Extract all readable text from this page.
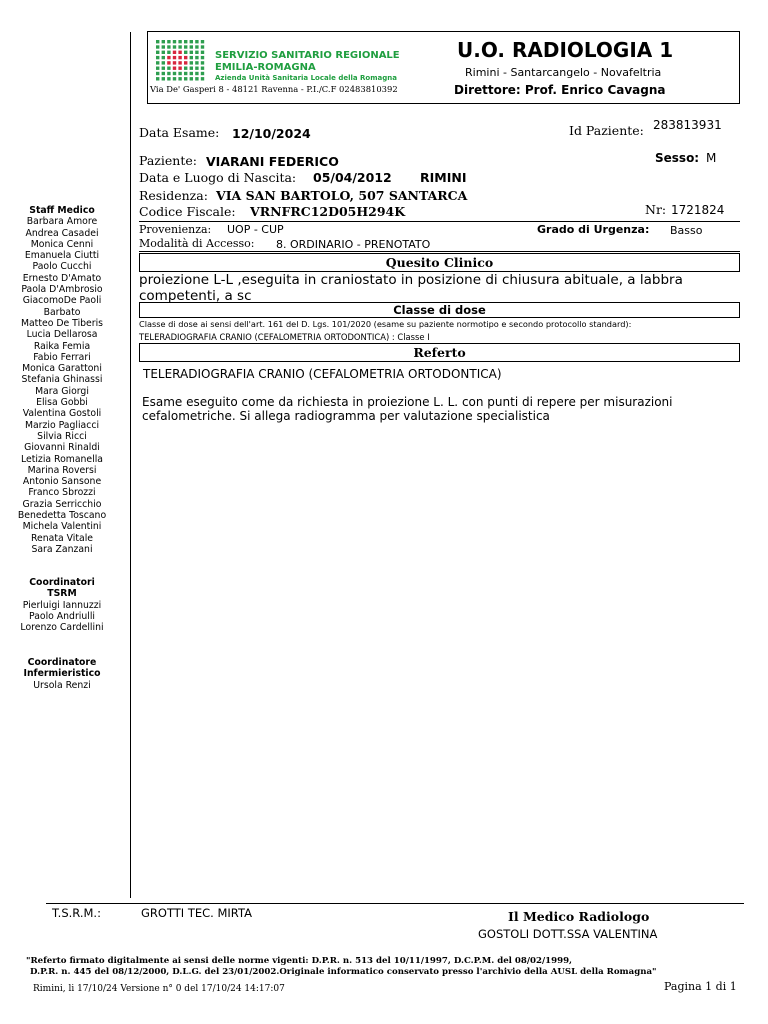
Staff Medico
Barbara Amore
Andrea Casadei
Monica Cenni
Emanuela Ciutti
Paolo Cucchi
Ernesto D'Amato
Paola D'Ambrosio
GiacomoDe Paoli
Barbato
Matteo De Tiberis
Lucia Dellarosa
Raika Femia
Fabio Ferrari
Monica Garattoni
Stefania Ghinassi
Mara Giorgi
Elisa Gobbi
Valentina Gostoli
Marzio Pagliacci
Silvia Ricci
Giovanni Rinaldi
Letizia Romanella
Marina Roversi
Antonio Sansone
Franco Sbrozzi
Grazia Serricchio
Benedetta Toscano
Michela Valentini
Renata Vitale
Sara Zanzani
Coordinatori
TSRM
Pierluigi Iannuzzi
Paolo Andriulli
Lorenzo Cardellini
Coordinatore
Infermieristico
Ursola Renzi
SERVIZIO SANITARIO REGIONALE
EMILIA-ROMAGNA
Azienda Unità Sanitaria Locale della Romagna
Via De' Gasperi 8 - 48121 Ravenna - P.I./C.F 02483810392
U.O. RADIOLOGIA 1
Rimini - Santarcangelo - Novafeltria
Direttore: Prof. Enrico Cavagna
Data Esame: 12/10/2024	Id Paziente: 283813931
Paziente: VIARANI FEDERICO	Sesso: M
Data e Luogo di Nascita: 05/04/2012 RIMINI
Residenza: VIA SAN BARTOLO, 507 SANTARCA
Codice Fiscale: VRNFRC12D05H294K	Nr: 1721824
Provenienza: UOP - CUP	Grado di Urgenza: Basso
Modalità di Accesso: 8. ORDINARIO - PRENOTATO
Quesito Clinico
proiezione L-L ,eseguita in craniostato in posizione di chiusura abituale, a labbra
competenti, a sc
Classe di dose
Classe di dose ai sensi dell'art. 161 del D. Lgs. 101/2020 (esame su paziente normotipo e secondo protocollo standard):
TELERADIOGRAFIA CRANIO (CEFALOMETRIA ORTODONTICA) : Classe I
Referto
TELERADIOGRAFIA CRANIO (CEFALOMETRIA ORTODONTICA)
Esame eseguito come da richiesta in proiezione L. L. con punti di repere per misurazioni
cefalometriche. Si allega radiogramma per valutazione specialistica
T.S.R.M.:	GROTTI TEC. MIRTA	Il Medico Radiologo
GOSTOLI DOTT.SSA VALENTINA
"Referto firmato digitalmente ai sensi delle norme vigenti: D.P.R. n. 513 del 10/11/1997, D.C.P.M. del 08/02/1999,
D.P.R. n. 445 del 08/12/2000, D.L.G. del 23/01/2002.Originale informatico conservato presso l'archivio della AUSL della Romagna"
Rimini, li 17/10/24 Versione n° 0 del 17/10/24 14:17:07	Pagina 1 di 1
